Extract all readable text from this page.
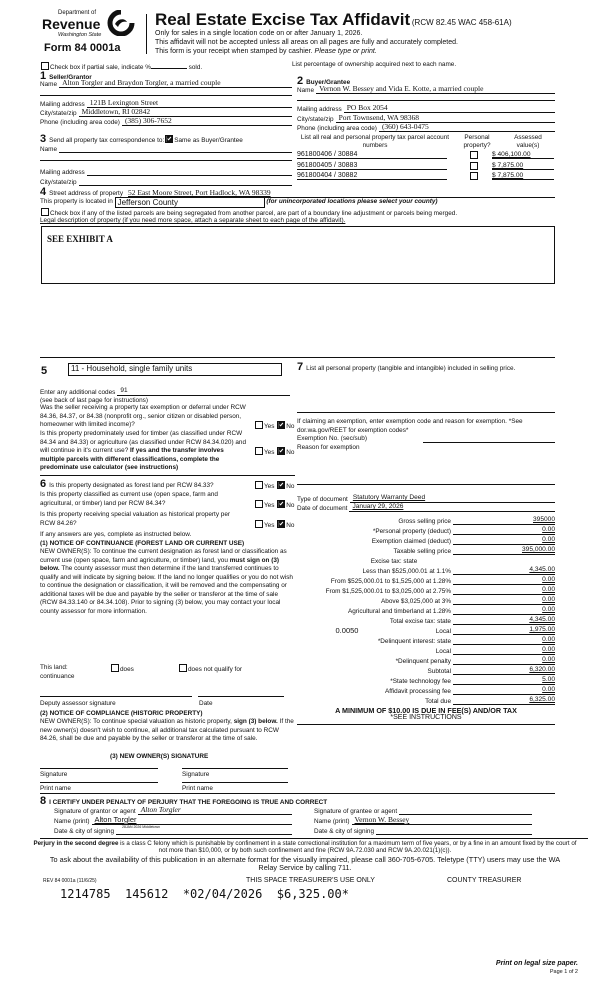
Department of
Revenue
Washington State
Form 84 0001a
Real Estate Excise Tax Affidavit (RCW 82.45 WAC 458-61A)
Only for sales in a single location code on or after January 1, 2026.
This affidavit will not be accepted unless all areas on all pages are fully and accurately completed.
This form is your receipt when stamped by cashier. Please type or print.
Check box if partial sale, indicate %	sold.	List percentage of ownership acquired next to each name.
1 Seller/Grantor
Name Alton Torgler and Braydon Torgler, a married couple
Mailing address 121B Lexington Street
City/state/zip Middletown, RI 02842
Phone (including area code) (385) 306-7652
2 Buyer/Grantee
Name Vernon W. Bessey and Vida E. Kotte, a married couple
Mailing address PO Box 2054
City/state/zip Port Townsend, WA 98368
Phone (including area code) (360) 643-0475
3 Send all property tax correspondence to: Same as Buyer/Grantee
Name
Mailing address
City/state/zip
List all real and personal property tax parcel account numbers
Personal property?
Assessed value(s)
961800406 / 30884	$ 406,100.00
961800405 / 30883	$ 7,875.00
961800404 / 30882	$ 7,875.00
4 Street address of property 52 East Moore Street, Port Hadlock, WA 98339
This property is located in Jefferson County	(for unincorporated locations please select your county)
Check box if any of the listed parcels are being segregated from another parcel, are part of a boundary line adjustment or parcels being merged.
Legal description of property (if you need more space, attach a separate sheet to each page of the affidavit).
SEE EXHIBIT A
5	11 - Household, single family units
Enter any additional codes 91
(see back of last page for instructions)
Was the seller receiving a property tax exemption or deferral under RCW 84.36, 84.37, or 84.38 (nonprofit org., senior citizen or disabled person, homeowner with limited income)?	Yes No
Is this property predominately used for timber (as classified under RCW 84.34 and 84.33) or agriculture (as classified under RCW 84.34.020) and will continue in it's current use? If yes and the transfer involves multiple parcels with different classifications, complete the predominate use calculator (see instructions)
Yes No
6 Is this property designated as forest land per RCW 84.33?	Yes No
Is this property classified as current use (open space, farm and agricultural, or timber) land per RCW 84.34?	Yes No
Is this property receiving special valuation as historical property per RCW 84.26?	Yes No
If any answers are yes, complete as instructed below.
(1) NOTICE OF CONTINUANCE (FOREST LAND OR CURRENT USE)
NEW OWNER(S): To continue the current designation as forest land or classification as current use (open space, farm and agriculture, or timber) land, you must sign on (3) below. The county assessor must then determine if the land transferred continues to qualify and will indicate by signing below. If the land no longer qualifies or you do not wish to continue the designation or classification, it will be removed and the compensating or additional taxes will be due and payable by the seller or transferor at the time of sale (RCW 84.33.140 or 84.34.108). Prior to signing (3) below, you may contact your local county assessor for more information.
This land:	does	does not qualify for
continuance
Deputy assessor signature	Date
(2) NOTICE OF COMPLIANCE (HISTORIC PROPERTY)
NEW OWNER(S): To continue special valuation as historic property, sign (3) below. If the new owner(s) doesn't wish to continue, all additional tax calculated pursuant to RCW 84.26, shall be due and payable by the seller or transferor at the time of sale.
(3) NEW OWNER(S) SIGNATURE
Signature	Signature
Print name	Print name
7 List all personal property (tangible and intangible) included in selling price.
If claiming an exemption, enter exemption code and reason for exemption. *See dor.wa.gov/REET for exemption codes*
Exemption No. (sec/sub)
Reason for exemption
Type of document Statutory Warranty Deed
Date of document January 29, 2026
Gross selling price	395000
*Personal property (deduct)	0.00
Exemption claimed (deduct)	0.00
Taxable selling price	395,000.00
Excise tax: state
Less than $525,000.01 at 1.1%	4,345.00
From $525,000.01 to $1,525,000 at 1.28%	0.00
From $1,525,000.01 to $3,025,000 at 2.75%	0.00
Above $3,025,000 at 3%	0.00
Agricultural and timberland at 1.28%	0.00
Total excise tax: state	4,345.00
0.0050	Local	1,975.00
*Delinquent interest: state	0.00
Local	0.00
*Delinquent penalty	0.00
Subtotal	6,320.00
*State technology fee	5.00
Affidavit processing fee	0.00
Total due	6,325.00
A MINIMUM OF $10.00 IS DUE IN FEE(S) AND/OR TAX
*SEE INSTRUCTIONS
8 I CERTIFY UNDER PENALTY OF PERJURY THAT THE FOREGOING IS TRUE AND CORRECT
Signature of grantor or agent Alton Torgler
Name (print) Alton Torgler
28JAN 2026 Middletown
Date & city of signing
Signature of grantee or agent
Name (print) Vernon W. Bessey
Date & city of signing
Perjury in the second degree is a class C felony which is punishable by confinement in a state correctional institution for a maximum term of five years, or by a fine in an amount fixed by the court of not more than $10,000, or by both such confinement and fine (RCW 9A.72.030 and RCW 9A.20.021(1)(c)).
To ask about the availability of this publication in an alternate format for the visually impaired, please call 360-705-6705. Teletype (TTY) users may use the WA Relay Service by calling 711.
REV 84 0001a (11/6/25)	THIS SPACE TREASURER'S USE ONLY	COUNTY TREASURER
1214785  145612  *02/04/2026  $6,325.00*
Print on legal size paper.
Page 1 of 2
